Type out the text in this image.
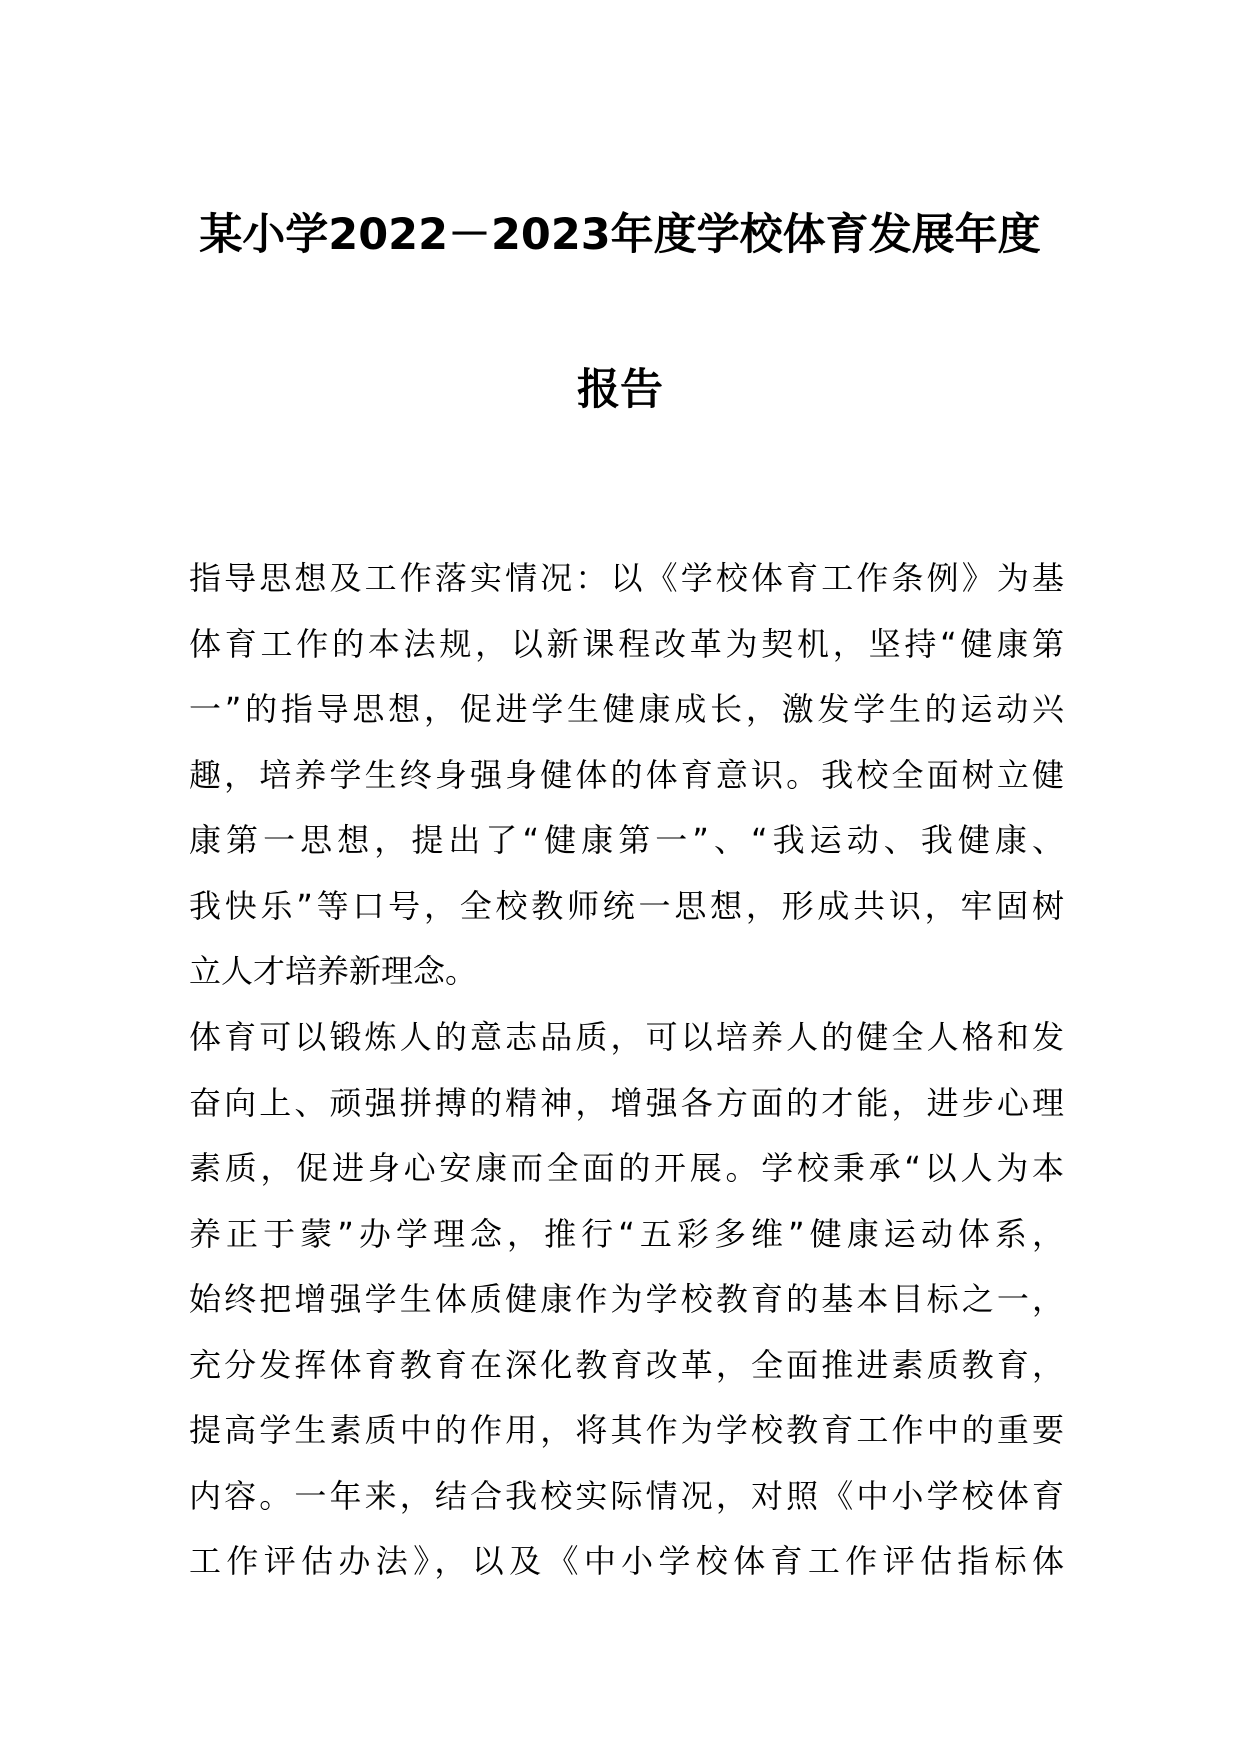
某小学2022－2023年度学校体育发展年度
报告
指导思想及工作落实情况：以《学校体育工作条例》为基
体育工作的本法规，以新课程改革为契机，坚持“健康第
一”的指导思想，促进学生健康成长，激发学生的运动兴
趣，培养学生终身强身健体的体育意识。我校全面树立健
康第一思想，提出了“健康第一”、“我运动、我健康、
我快乐”等口号，全校教师统一思想，形成共识，牢固树
立人才培养新理念。
体育可以锻炼人的意志品质，可以培养人的健全人格和发
奋向上、顽强拼搏的精神，增强各方面的才能，进步心理
素质，促进身心安康而全面的开展。学校秉承“以人为本
养正于蒙”办学理念，推行“五彩多维”健康运动体系，
始终把增强学生体质健康作为学校教育的基本目标之一，
充分发挥体育教育在深化教育改革，全面推进素质教育，
提高学生素质中的作用，将其作为学校教育工作中的重要
内容。一年来，结合我校实际情况，对照《中小学校体育
工作评估办法》，以及《中小学校体育工作评估指标体
